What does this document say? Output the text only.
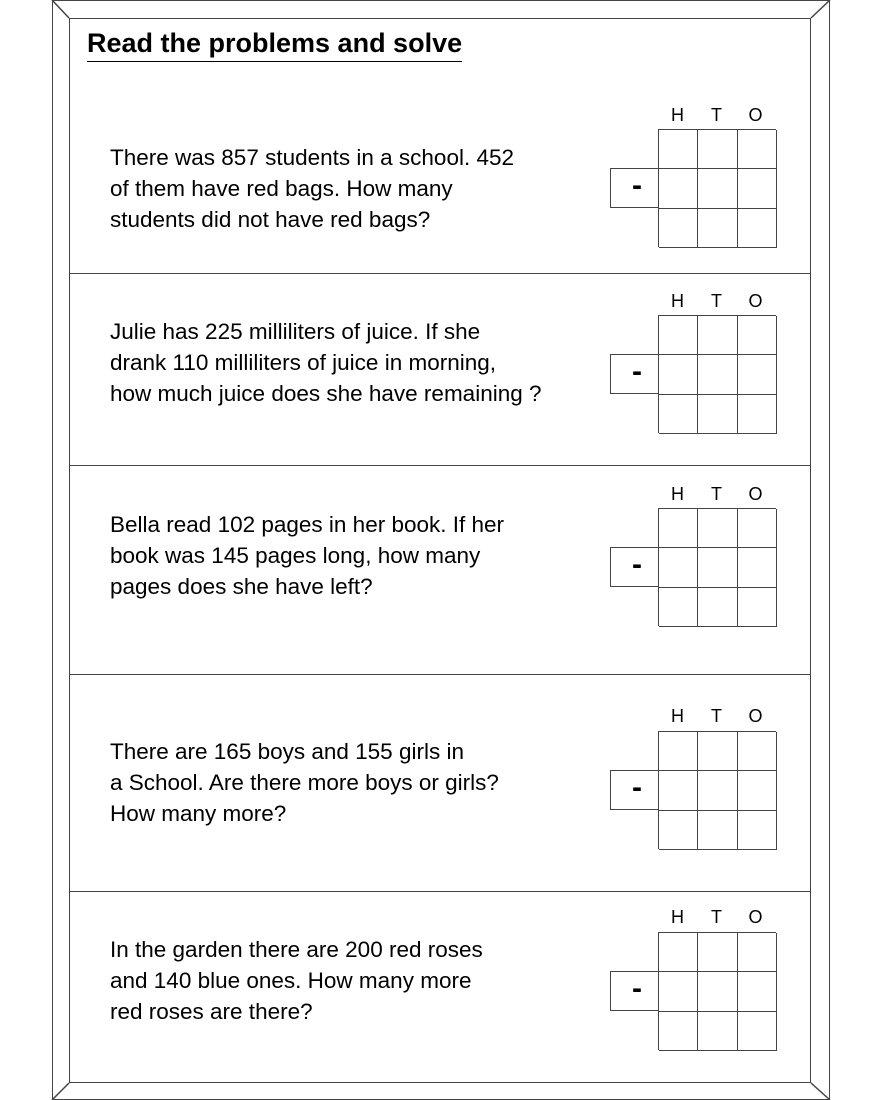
Read the problems and solve
There was 857 students in a school. 452
of them have red bags. How many
students did not have red bags?
H	T	O
-
Julie has 225 milliliters of juice. If she
drank 110 milliliters of juice in morning,
how much juice does she have remaining ?
H	T	O
-
Bella read 102 pages in her book. If her
book was 145 pages long, how many
pages does she have left?
H	T	O
-
There are 165 boys and 155 girls in
a School. Are there more boys or girls?
How many more?
H	T	O
-
In the garden there are 200 red roses
and 140 blue ones. How many more
red roses are there?
H	T	O
-
